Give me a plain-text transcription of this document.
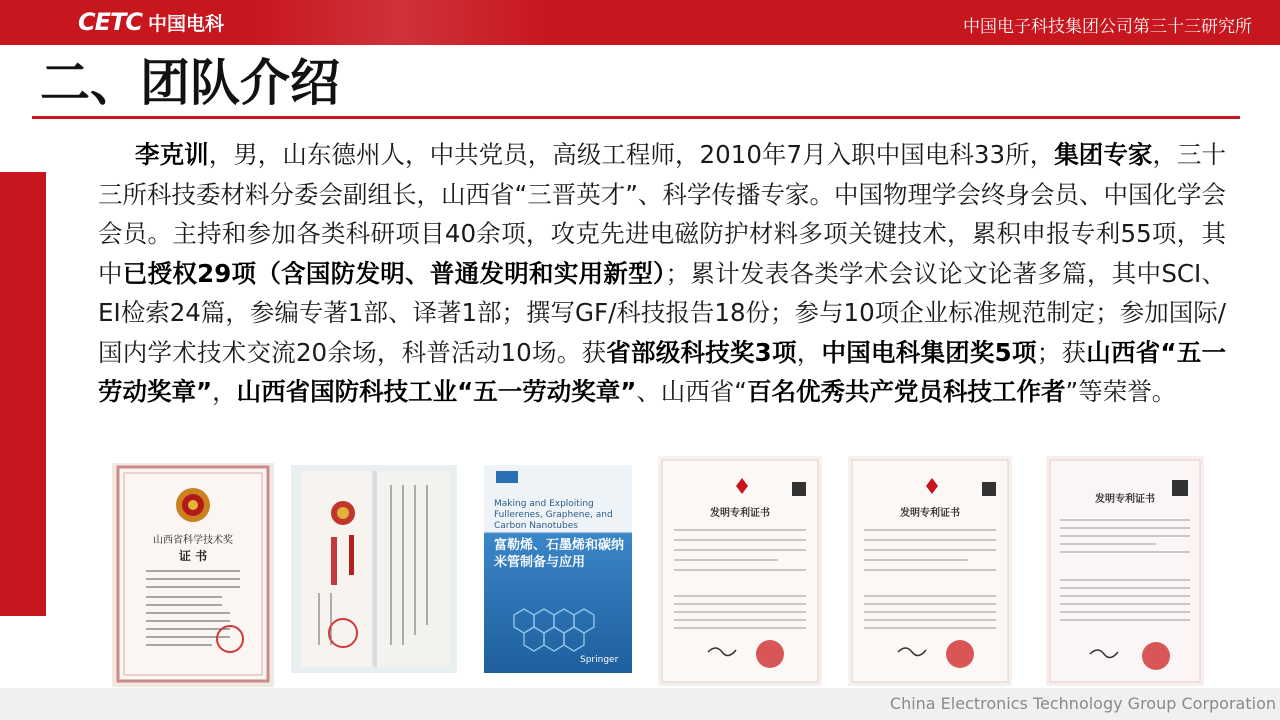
CETC 中国电科	中国电子科技集团公司第三十三研究所
二、团队介绍
李克训，男，山东德州人，中共党员，高级工程师，2010年7月入职中国电科33所，集团专家，三十三所科技委材料分委会副组长，山西省“三晋英才”、科学传播专家。中国物理学会终身会员、中国化学会会员。主持和参加各类科研项目40余项，攻克先进电磁防护材料多项关键技术，累积申报专利55项，其中已授权29项（含国防发明、普通发明和实用新型）；累计发表各类学术会议论文论著多篇，其中SCI、EI检索24篇，参编专著1部、译著1部；撰写GF/科技报告18份；参与10项企业标准规范制定；参加国际/国内学术技术交流20余场，科普活动10场。获省部级科技奖3项，中国电科集团奖5项；获山西省“五一劳动奖章”，山西省国防科技工业“五一劳动奖章”、山西省“百名优秀共产党员科技工作者”等荣誉。
山西省科学技术奖
证 书
Making and Exploiting Fullerenes, Graphene, and Carbon Nanotubes
富勒烯、石墨烯和碳纳米管制备与应用
Springer
发明专利证书	发明专利证书
发明专利证书
China Electronics Technology Group Corporation
